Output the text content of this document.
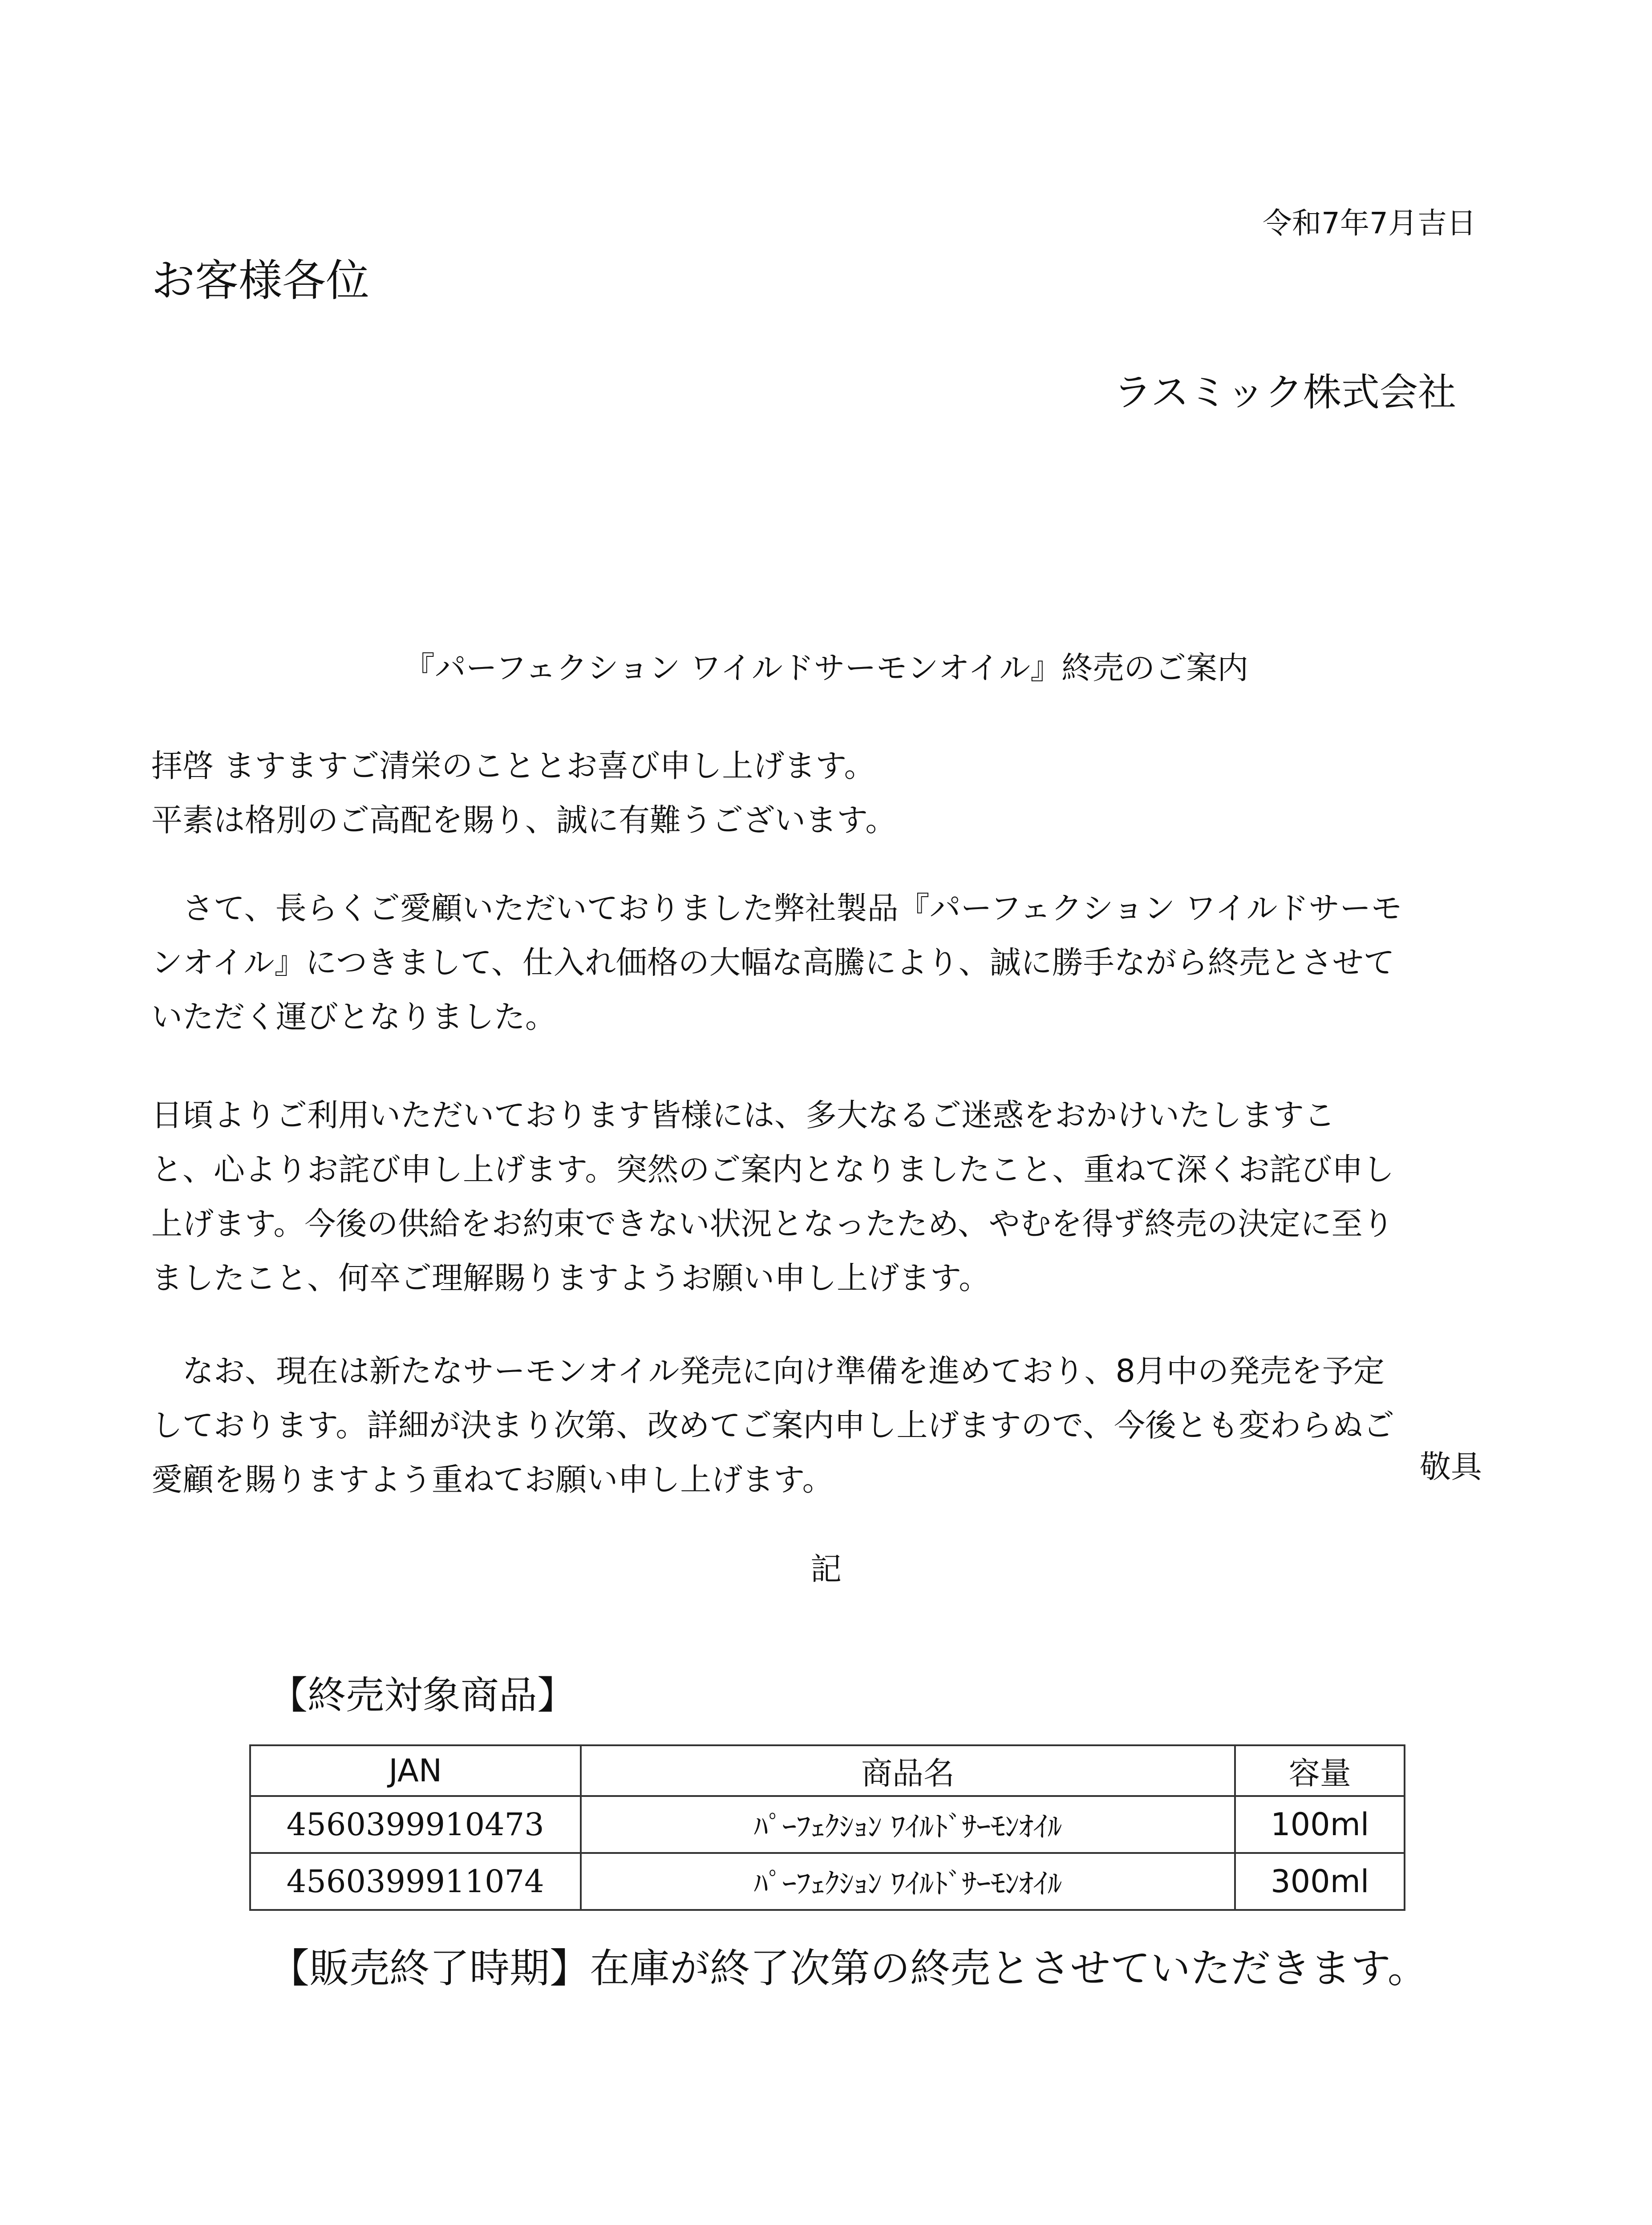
令和7年7月吉日
お客様各位
ラスミック株式会社
『パーフェクション ワイルドサーモンオイル』終売のご案内
拝啓 ますますご清栄のこととお喜び申し上げます。
平素は格別のご高配を賜り、誠に有難うございます。
　さて、長らくご愛顧いただいておりました弊社製品『パーフェクション ワイルドサーモ
ンオイル』につきまして、仕入れ価格の大幅な高騰により、誠に勝手ながら終売とさせて
いただく運びとなりました。
日頃よりご利用いただいております皆様には、多大なるご迷惑をおかけいたしますこ
と、心よりお詫び申し上げます。突然のご案内となりましたこと、重ねて深くお詫び申し
上げます。今後の供給をお約束できない状況となったため、やむを得ず終売の決定に至り
ましたこと、何卒ご理解賜りますようお願い申し上げます。
　なお、現在は新たなサーモンオイル発売に向け準備を進めており、8月中の発売を予定
しております。詳細が決まり次第、改めてご案内申し上げますので、今後とも変わらぬご
愛顧を賜りますよう重ねてお願い申し上げます。	敬具
記
【終売対象商品】
JAN	商品名	容量
4560399910473	ﾊﾟｰﾌｪｸｼｮﾝ ﾜｲﾙﾄﾞｻｰﾓﾝｵｲﾙ	100ml
4560399911074	ﾊﾟｰﾌｪｸｼｮﾝ ﾜｲﾙﾄﾞｻｰﾓﾝｵｲﾙ	300ml
【販売終了時期】在庫が終了次第の終売とさせていただきます。
